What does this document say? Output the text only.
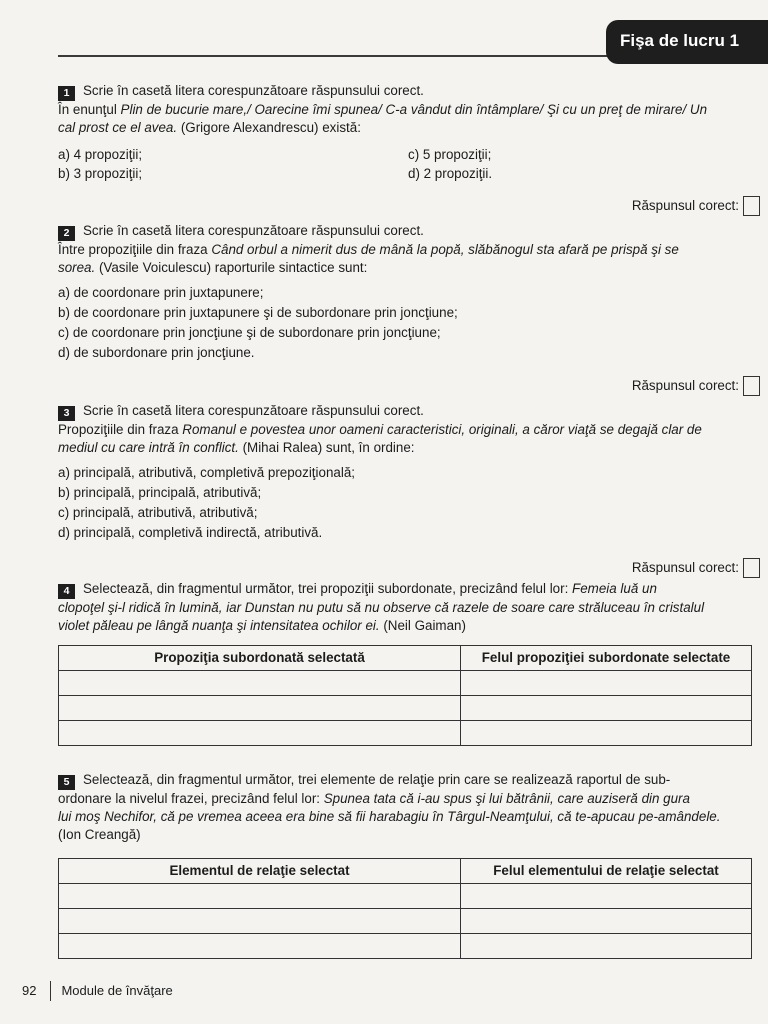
Fişa de lucru 1
1 Scrie în casetă litera corespunzătoare răspunsului corect.
În enunţul Plin de bucurie mare,/ Oarecine îmi spunea/ C-a vândut din întâmplare/ Şi cu un preţ de mirare/ Un
cal prost ce el avea. (Grigore Alexandrescu) există:
a) 4 propoziţii;
b) 3 propoziţii;
c) 5 propoziţii;
d) 2 propoziţii.
Răspunsul corect:
2 Scrie în casetă litera corespunzătoare răspunsului corect.
Între propoziţiile din fraza Când orbul a nimerit dus de mână la popă, slăbănogul sta afară pe prispă şi se
sorea. (Vasile Voiculescu) raporturile sintactice sunt:
a) de coordonare prin juxtapunere;
b) de coordonare prin juxtapunere şi de subordonare prin joncţiune;
c) de coordonare prin joncţiune şi de subordonare prin joncţiune;
d) de subordonare prin joncţiune.
Răspunsul corect:
3 Scrie în casetă litera corespunzătoare răspunsului corect.
Propoziţiile din fraza Romanul e povestea unor oameni caracteristici, originali, a căror viaţă se degajă clar de
mediul cu care intră în conflict. (Mihai Ralea) sunt, în ordine:
a) principală, atributivă, completivă prepoziţională;
b) principală, principală, atributivă;
c) principală, atributivă, atributivă;
d) principală, completivă indirectă, atributivă.
Răspunsul corect:
4 Selectează, din fragmentul următor, trei propoziţii subordonate, precizând felul lor: Femeia luă un
clopoţel şi-l ridică în lumină, iar Dunstan nu putu să nu observe că razele de soare care străluceau în cristalul
violet păleau pe lângă nuanţa şi intensitatea ochilor ei. (Neil Gaiman)
Propoziţia subordonată selectată	Felul propoziţiei subordonate selectate

5 Selectează, din fragmentul următor, trei elemente de relaţie prin care se realizează raportul de sub-
ordonare la nivelul frazei, precizând felul lor: Spunea tata că i-au spus şi lui bătrânii, care auziseră din gura
lui moş Nechifor, că pe vremea aceea era bine să fii harabagiu în Târgul-Neamţului, că te-apucau pe-amândele.
(Ion Creangă)
Elementul de relaţie selectat	Felul elementului de relaţie selectat

92 Module de învăţare
